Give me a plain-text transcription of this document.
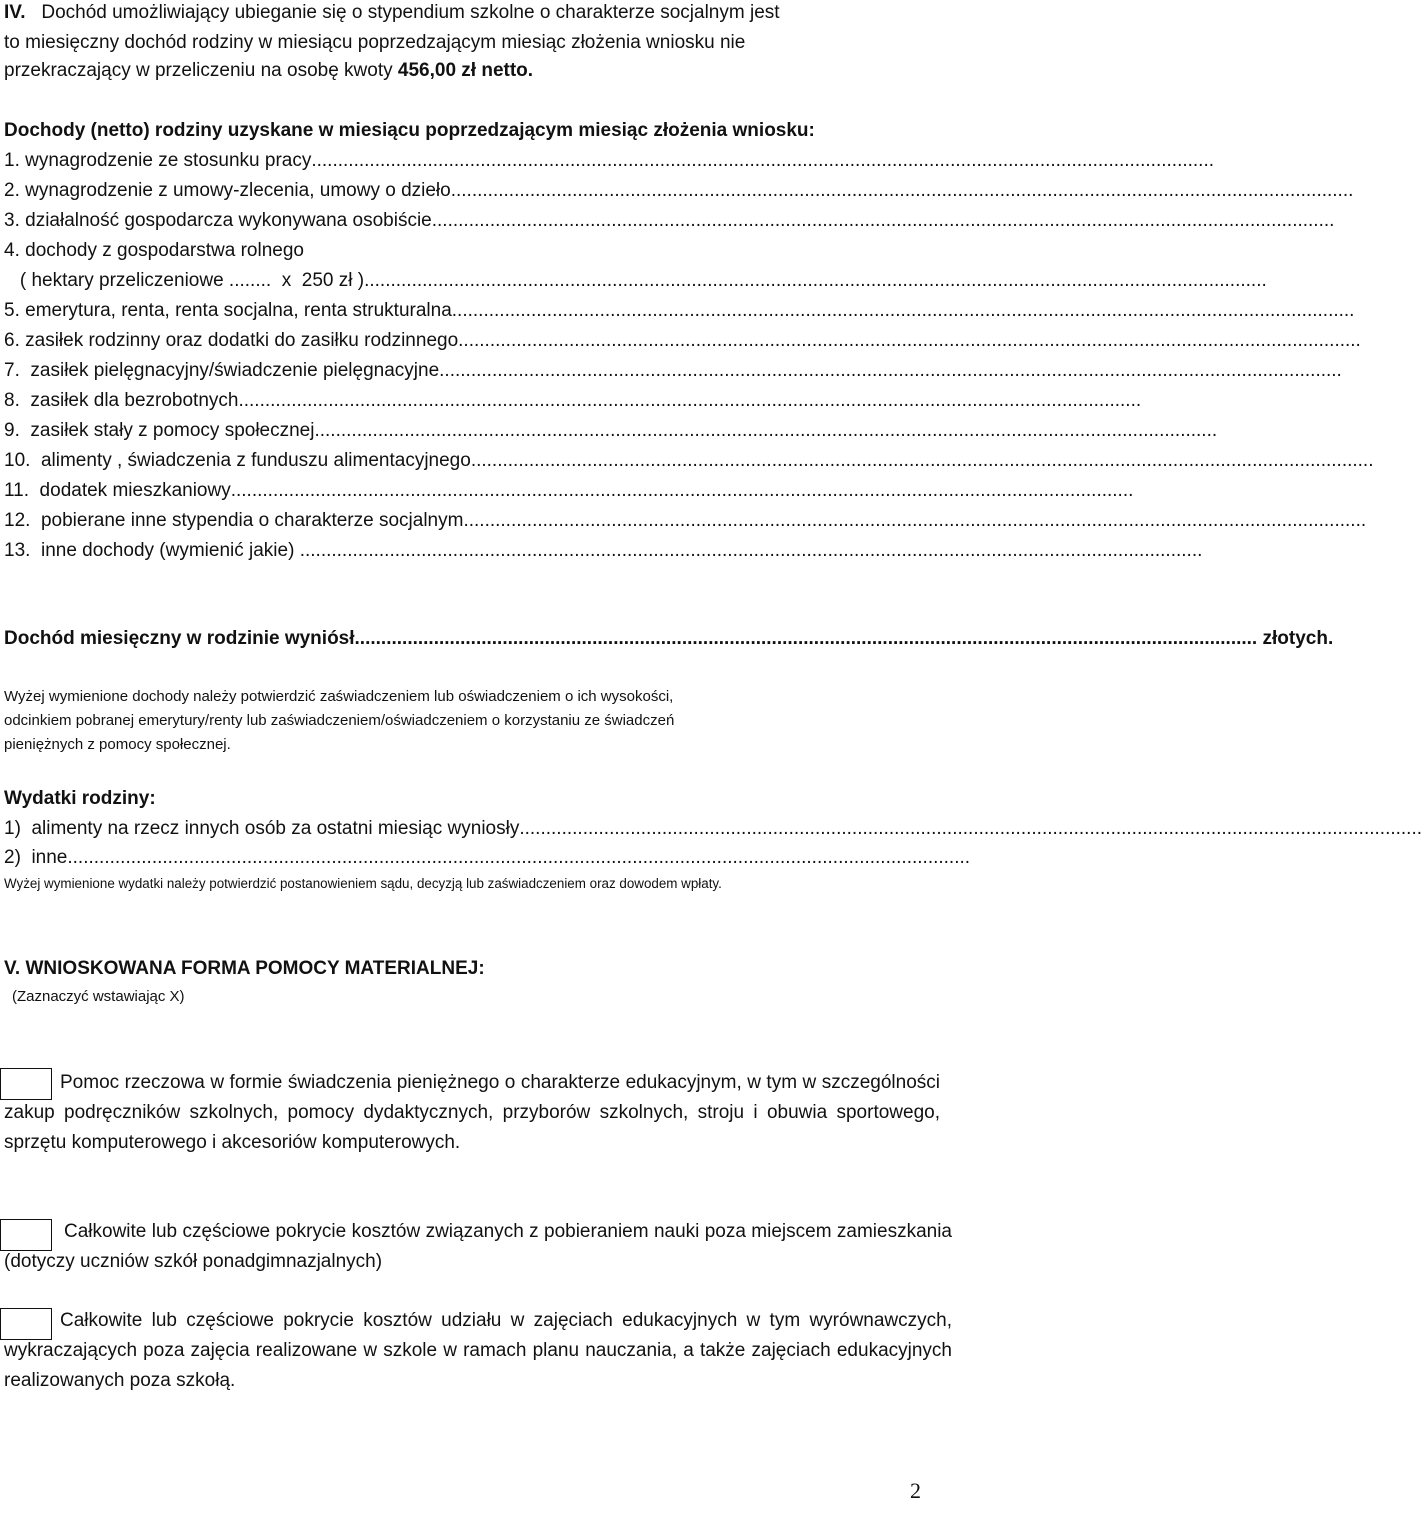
IV. Dochód umożliwiający ubieganie się o stypendium szkolne o charakterze socjalnym jest
to miesięczny dochód rodziny w miesiącu poprzedzającym miesiąc złożenia wniosku nie
przekraczający w przeliczeniu na osobę kwoty 456,00 zł netto.
Dochody (netto) rodziny uzyskane w miesiącu poprzedzającym miesiąc złożenia wniosku:
1. wynagrodzenie ze stosunku pracy ...........................................................................................................................................................................
2. wynagrodzenie z umowy-zlecenia, umowy o dzieło ...........................................................................................................................................................................
3. działalność gospodarcza wykonywana osobiście ...........................................................................................................................................................................
4. dochody z gospodarstwa rolnego
( hektary przeliczeniowe ........  x  250 zł ) ...........................................................................................................................................................................
5. emerytura, renta, renta socjalna, renta strukturalna ...........................................................................................................................................................................
6. zasiłek rodzinny oraz dodatki do zasiłku rodzinnego ...........................................................................................................................................................................
7.  zasiłek pielęgnacyjny/świadczenie pielęgnacyjne ...........................................................................................................................................................................
8.  zasiłek dla bezrobotnych ...........................................................................................................................................................................
9.  zasiłek stały z pomocy społecznej ...........................................................................................................................................................................
10.  alimenty , świadczenia z funduszu alimentacyjnego ...........................................................................................................................................................................
11.  dodatek mieszkaniowy ...........................................................................................................................................................................
12.  pobierane inne stypendia o charakterze socjalnym ...........................................................................................................................................................................
13.  inne dochody (wymienić jakie) ...........................................................................................................................................................................
Dochód miesięczny w rodzinie wyniósł ........................................................................................................................................................................... złotych.
Wyżej wymienione dochody należy potwierdzić zaświadczeniem lub oświadczeniem o ich wysokości,
odcinkiem pobranej emerytury/renty lub zaświadczeniem/oświadczeniem o korzystaniu ze świadczeń
pieniężnych z pomocy społecznej.
Wydatki rodziny:
1)  alimenty na rzecz innych osób za ostatni miesiąc wyniosły ...........................................................................................................................................................................
2)  inne ...........................................................................................................................................................................
Wyżej wymienione wydatki należy potwierdzić postanowieniem sądu, decyzją lub zaświadczeniem oraz dowodem wpłaty.
V. WNIOSKOWANA FORMA POMOCY MATERIALNEJ:
(Zaznaczyć wstawiając X)
Pomoc rzeczowa w formie świadczenia pieniężnego o charakterze edukacyjnym, w tym w szczególności zakup podręczników szkolnych, pomocy dydaktycznych, przyborów szkolnych, stroju i obuwia sportowego, sprzętu komputerowego i akcesoriów komputerowych.
Całkowite lub częściowe pokrycie kosztów związanych z pobieraniem nauki poza miejscem zamieszkania (dotyczy uczniów szkół ponadgimnazjalnych)
Całkowite lub częściowe pokrycie kosztów udziału w zajęciach edukacyjnych w tym wyrównawczych, wykraczających poza zajęcia realizowane w szkole w ramach planu nauczania, a także zajęciach edukacyjnych realizowanych poza szkołą.
2
